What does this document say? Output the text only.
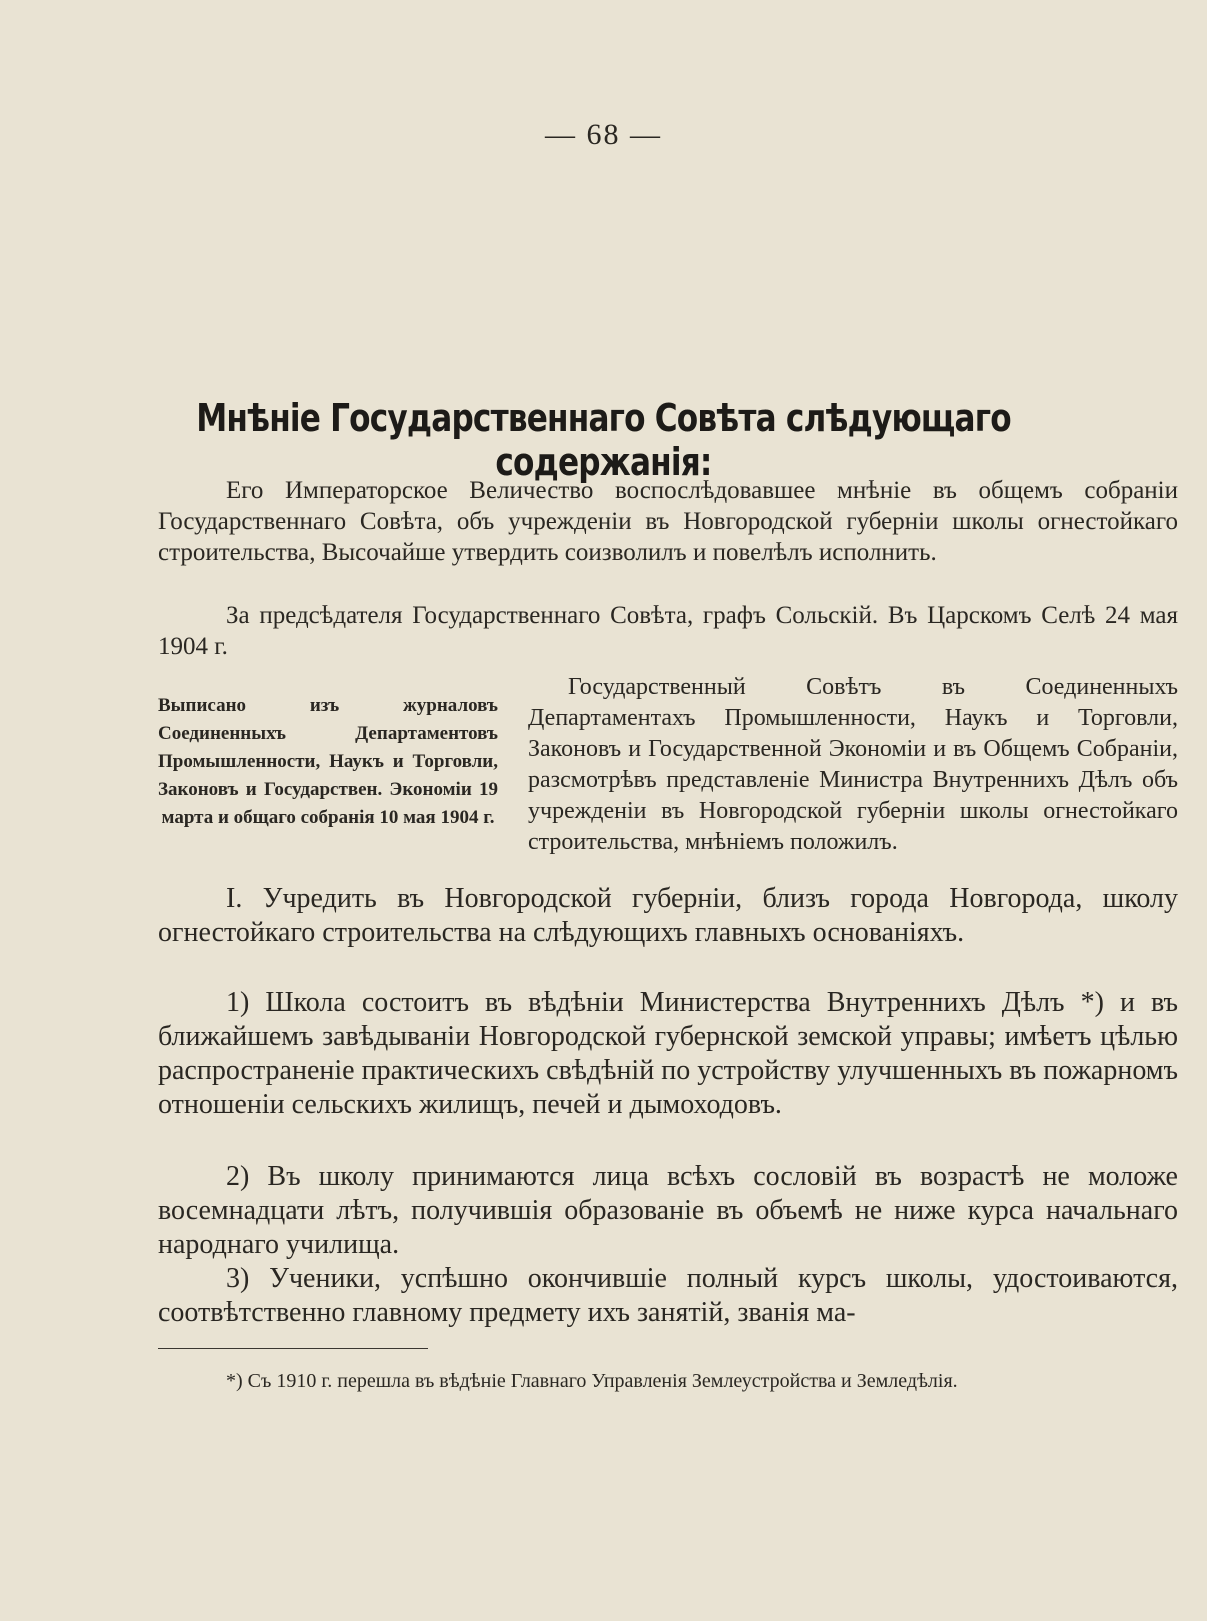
— 68 —
Мнѣніе Государственнаго Совѣта слѣдующаго содержанія:
Его Императорское Величество воспослѣдовавшее мнѣніе въ общемъ собраніи Государственнаго Совѣта, объ учрежденіи въ Новгородской губерніи школы огнестойкаго строительства, Высочайше утвердить соизволилъ и повелѣлъ исполнить.
За предсѣдателя Государственнаго Совѣта, графъ Сольскій. Въ Царскомъ Селѣ 24 мая 1904 г.
Выписано изъ журналовъ Соединенныхъ Департаментовъ Промышленности, Наукъ и Торговли, Законовъ и Государствен. Экономіи 19 марта и общаго собранія 10 мая 1904 г.
Государственный Совѣтъ въ Соединенныхъ Департаментахъ Промышленности, Наукъ и Торговли, Законовъ и Государственной Экономіи и въ Общемъ Собраніи, разсмотрѣвъ представленіе Министра Внутреннихъ Дѣлъ объ учрежденіи въ Новгородской губерніи школы огнестойкаго строительства, мнѣніемъ положилъ.
I. Учредить въ Новгородской губерніи, близъ города Новгорода, школу огнестойкаго строительства на слѣдующихъ главныхъ основаніяхъ.
1) Школа состоитъ въ вѣдѣніи Министерства Внутреннихъ Дѣлъ *) и въ ближайшемъ завѣдываніи Новгородской губернской земской управы; имѣетъ цѣлью распространеніе практическихъ свѣдѣній по устройству улучшенныхъ въ пожарномъ отношеніи сельскихъ жилищъ, печей и дымоходовъ.
2) Въ школу принимаются лица всѣхъ сословій въ возрастѣ не моложе восемнадцати лѣтъ, получившія образованіе въ объемѣ не ниже курса начальнаго народнаго училища.
3) Ученики, успѣшно окончившіе полный курсъ школы, удостоиваются, соотвѣтственно главному предмету ихъ занятій, званія ма-
*) Съ 1910 г. перешла въ вѣдѣніе Главнаго Управленія Землеустройства и Земледѣлія.
